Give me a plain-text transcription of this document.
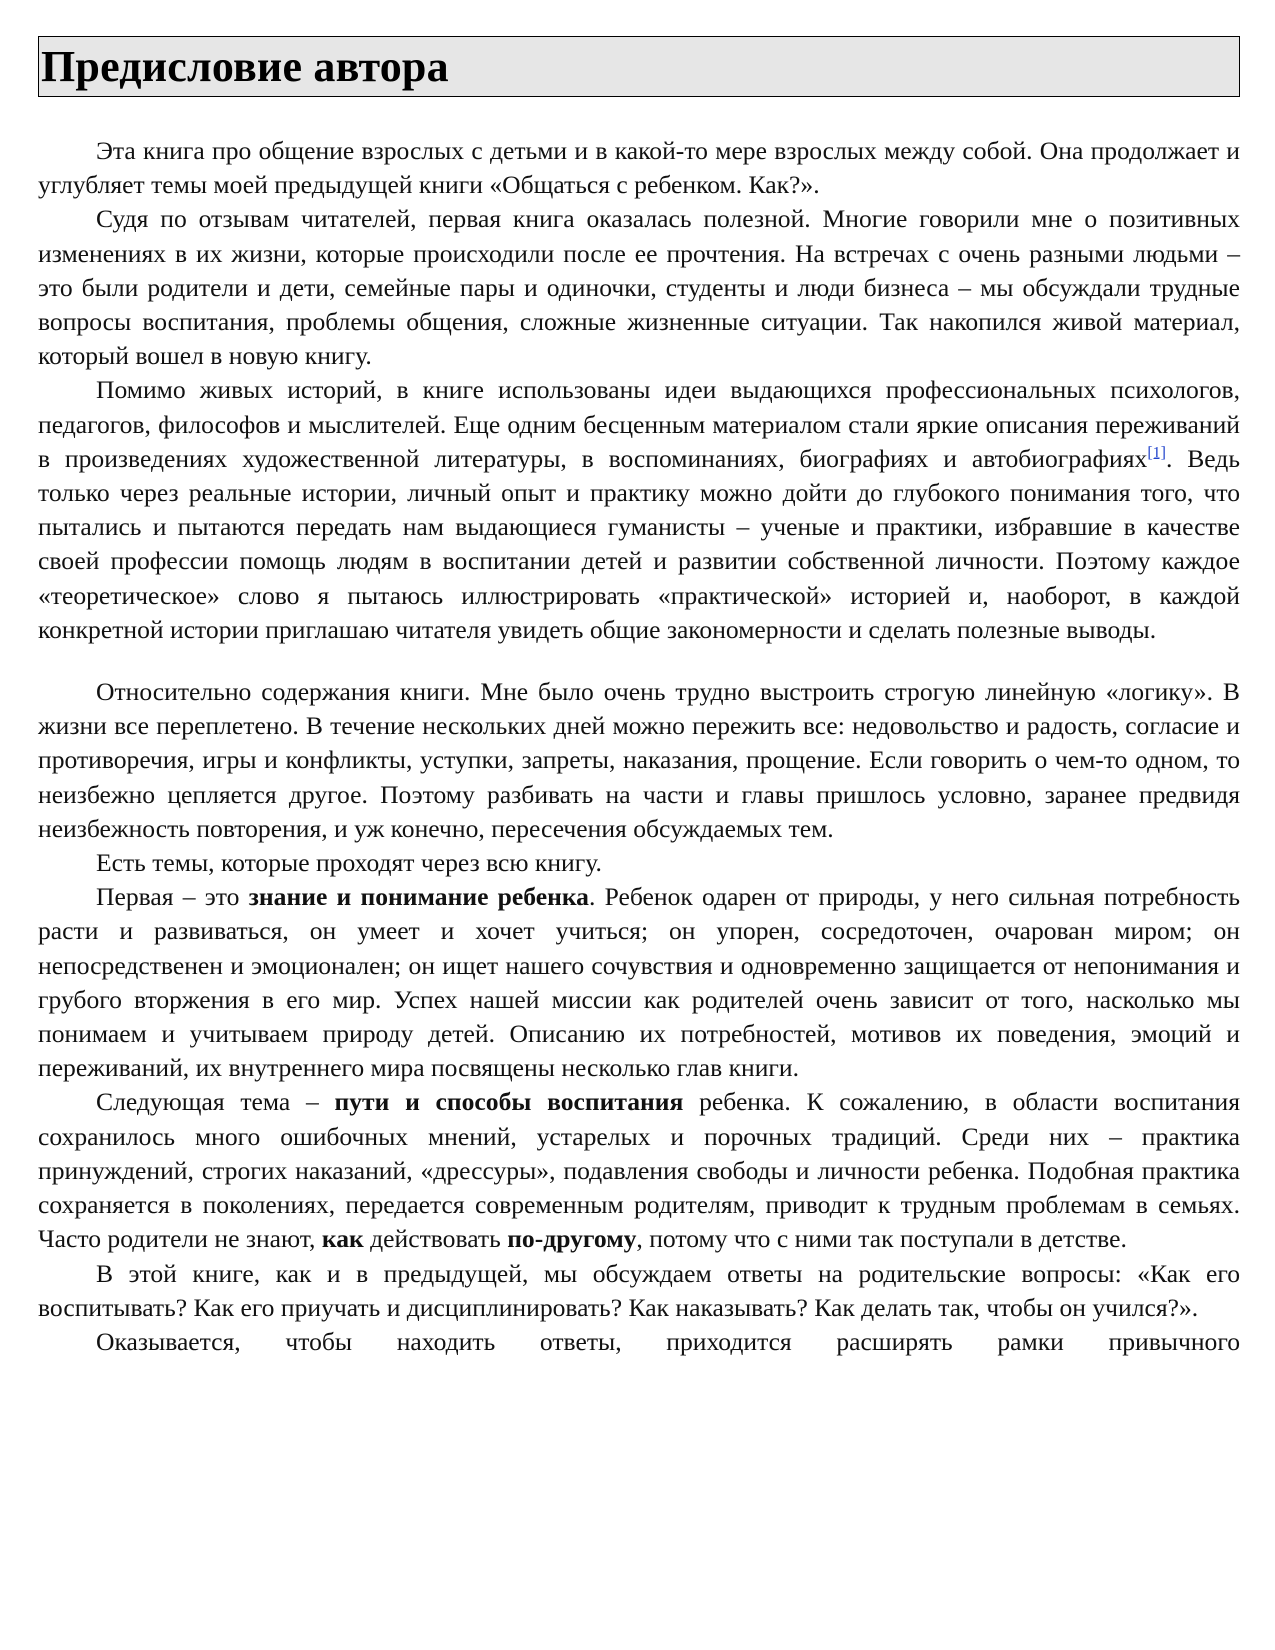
Предисловие автора

Эта книга про общение взрослых с детьми и в какой-то мере взрослых между собой. Она продолжает и углубляет темы моей предыдущей книги «Общаться с ребенком. Как?».

Судя по отзывам читателей, первая книга оказалась полезной. Многие говорили мне о позитивных изменениях в их жизни, которые происходили после ее прочтения. На встречах с очень разными людьми – это были родители и дети, семейные пары и одиночки, студенты и люди бизнеса – мы обсуждали трудные вопросы воспитания, проблемы общения, сложные жизненные ситуации. Так накопился живой материал, который вошел в новую книгу.

Помимо живых историй, в книге использованы идеи выдающихся профессиональных психологов, педагогов, философов и мыслителей. Еще одним бесценным материалом стали яркие описания переживаний в произведениях художественной литературы, в воспоминаниях, биографиях и автобиографиях[1]. Ведь только через реальные истории, личный опыт и практику можно дойти до глубокого понимания того, что пытались и пытаются передать нам выдающиеся гуманисты – ученые и практики, избравшие в качестве своей профессии помощь людям в воспитании детей и развитии собственной личности. Поэтому каждое «теоретическое» слово я пытаюсь иллюстрировать «практической» историей и, наоборот, в каждой конкретной истории приглашаю читателя увидеть общие закономерности и сделать полезные выводы.

Относительно содержания книги. Мне было очень трудно выстроить строгую линейную «логику». В жизни все переплетено. В течение нескольких дней можно пережить все: недовольство и радость, согласие и противоречия, игры и конфликты, уступки, запреты, наказания, прощение. Если говорить о чем-то одном, то неизбежно цепляется другое. Поэтому разбивать на части и главы пришлось условно, заранее предвидя неизбежность повторения, и уж конечно, пересечения обсуждаемых тем.

Есть темы, которые проходят через всю книгу.

Первая – это знание и понимание ребенка. Ребенок одарен от природы, у него сильная потребность расти и развиваться, он умеет и хочет учиться; он упорен, сосредоточен, очарован миром; он непосредственен и эмоционален; он ищет нашего сочувствия и одновременно защищается от непонимания и грубого вторжения в его мир. Успех нашей миссии как родителей очень зависит от того, насколько мы понимаем и учитываем природу детей. Описанию их потребностей, мотивов их поведения, эмоций и переживаний, их внутреннего мира посвящены несколько глав книги.

Следующая тема – пути и способы воспитания ребенка. К сожалению, в области воспитания сохранилось много ошибочных мнений, устарелых и порочных традиций. Среди них – практика принуждений, строгих наказаний, «дрессуры», подавления свободы и личности ребенка. Подобная практика сохраняется в поколениях, передается современным родителям, приводит к трудным проблемам в семьях. Часто родители не знают, как действовать по-другому, потому что с ними так поступали в детстве.

В этой книге, как и в предыдущей, мы обсуждаем ответы на родительские вопросы: «Как его воспитывать? Как его приучать и дисциплинировать? Как наказывать? Как делать так, чтобы он учился?».

Оказывается, чтобы находить ответы, приходится расширять рамки привычного
